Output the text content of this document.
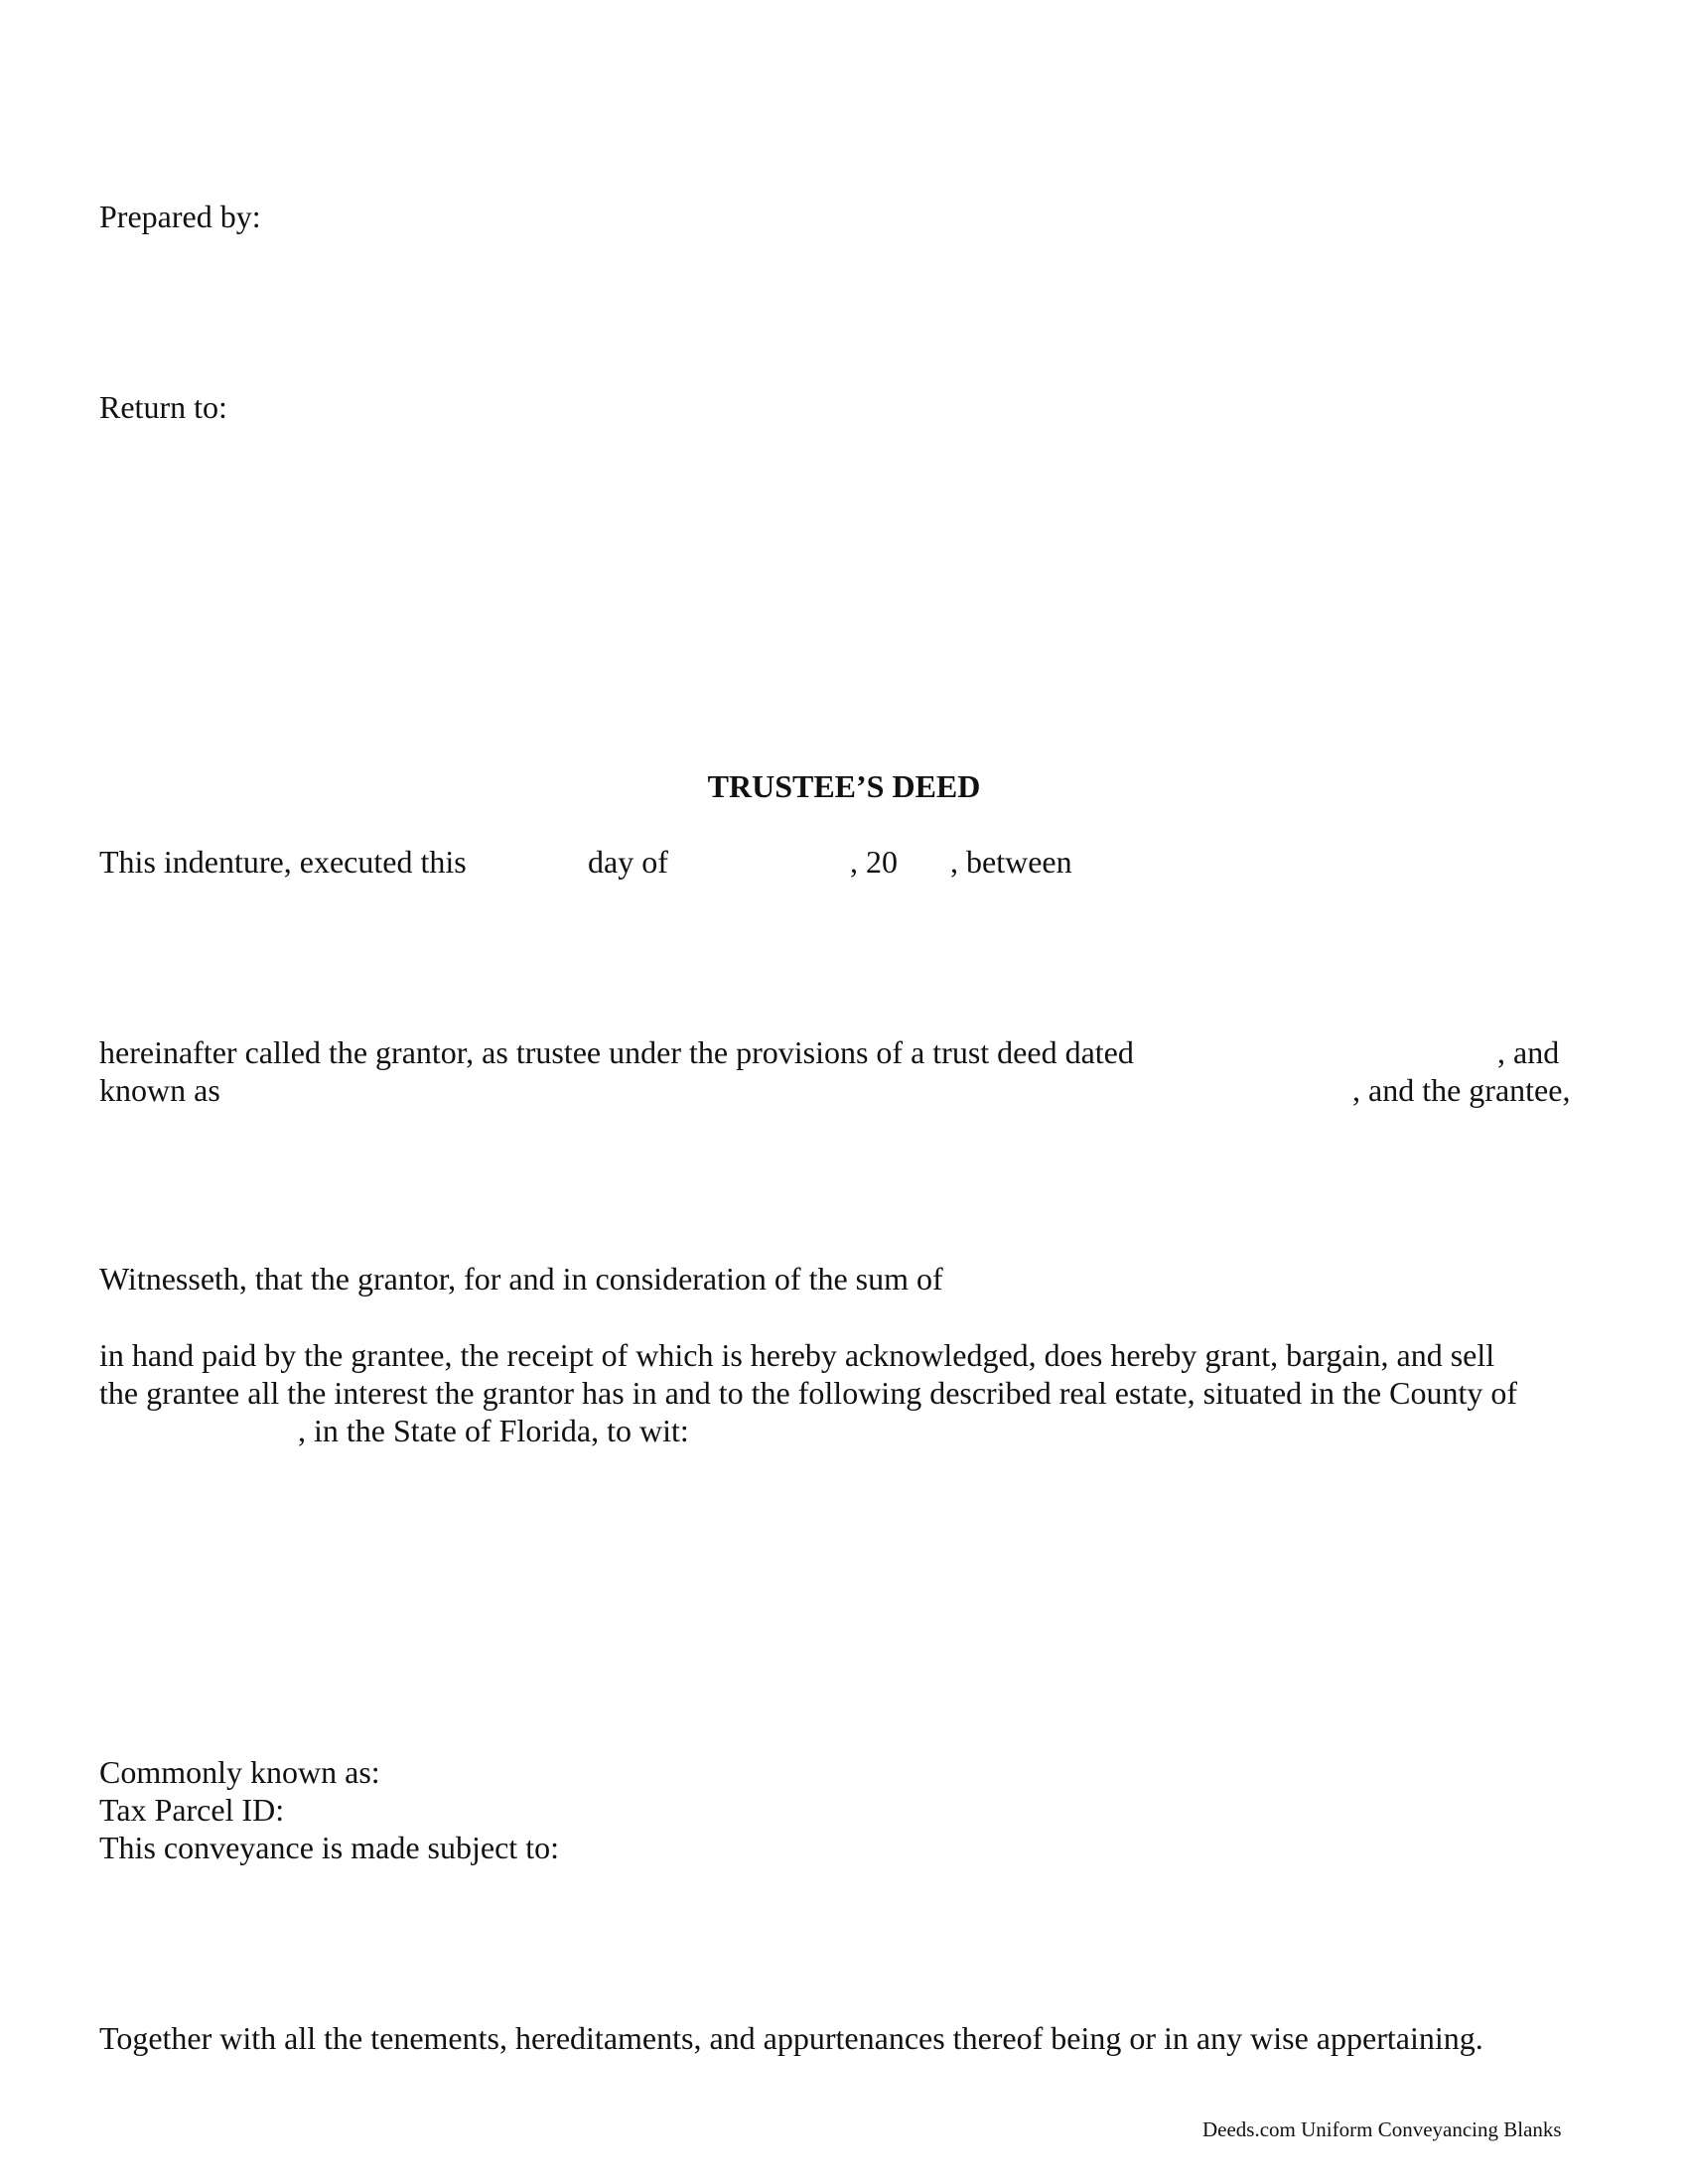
Prepared by:
Return to:
TRUSTEE’S DEED
This indenture, executed this	day of	, 20 , between
hereinafter called the grantor, as trustee under the provisions of a trust deed dated	, and
known as	, and the grantee,
Witnesseth, that the grantor, for and in consideration of the sum of
in hand paid by the grantee, the receipt of which is hereby acknowledged, does hereby grant, bargain, and sell
the grantee all the interest the grantor has in and to the following described real estate, situated in the County of
, in the State of Florida, to wit:
Commonly known as:
Tax Parcel ID:
This conveyance is made subject to:
Together with all the tenements, hereditaments, and appurtenances thereof being or in any wise appertaining.
Deeds.com Uniform Conveyancing Blanks
